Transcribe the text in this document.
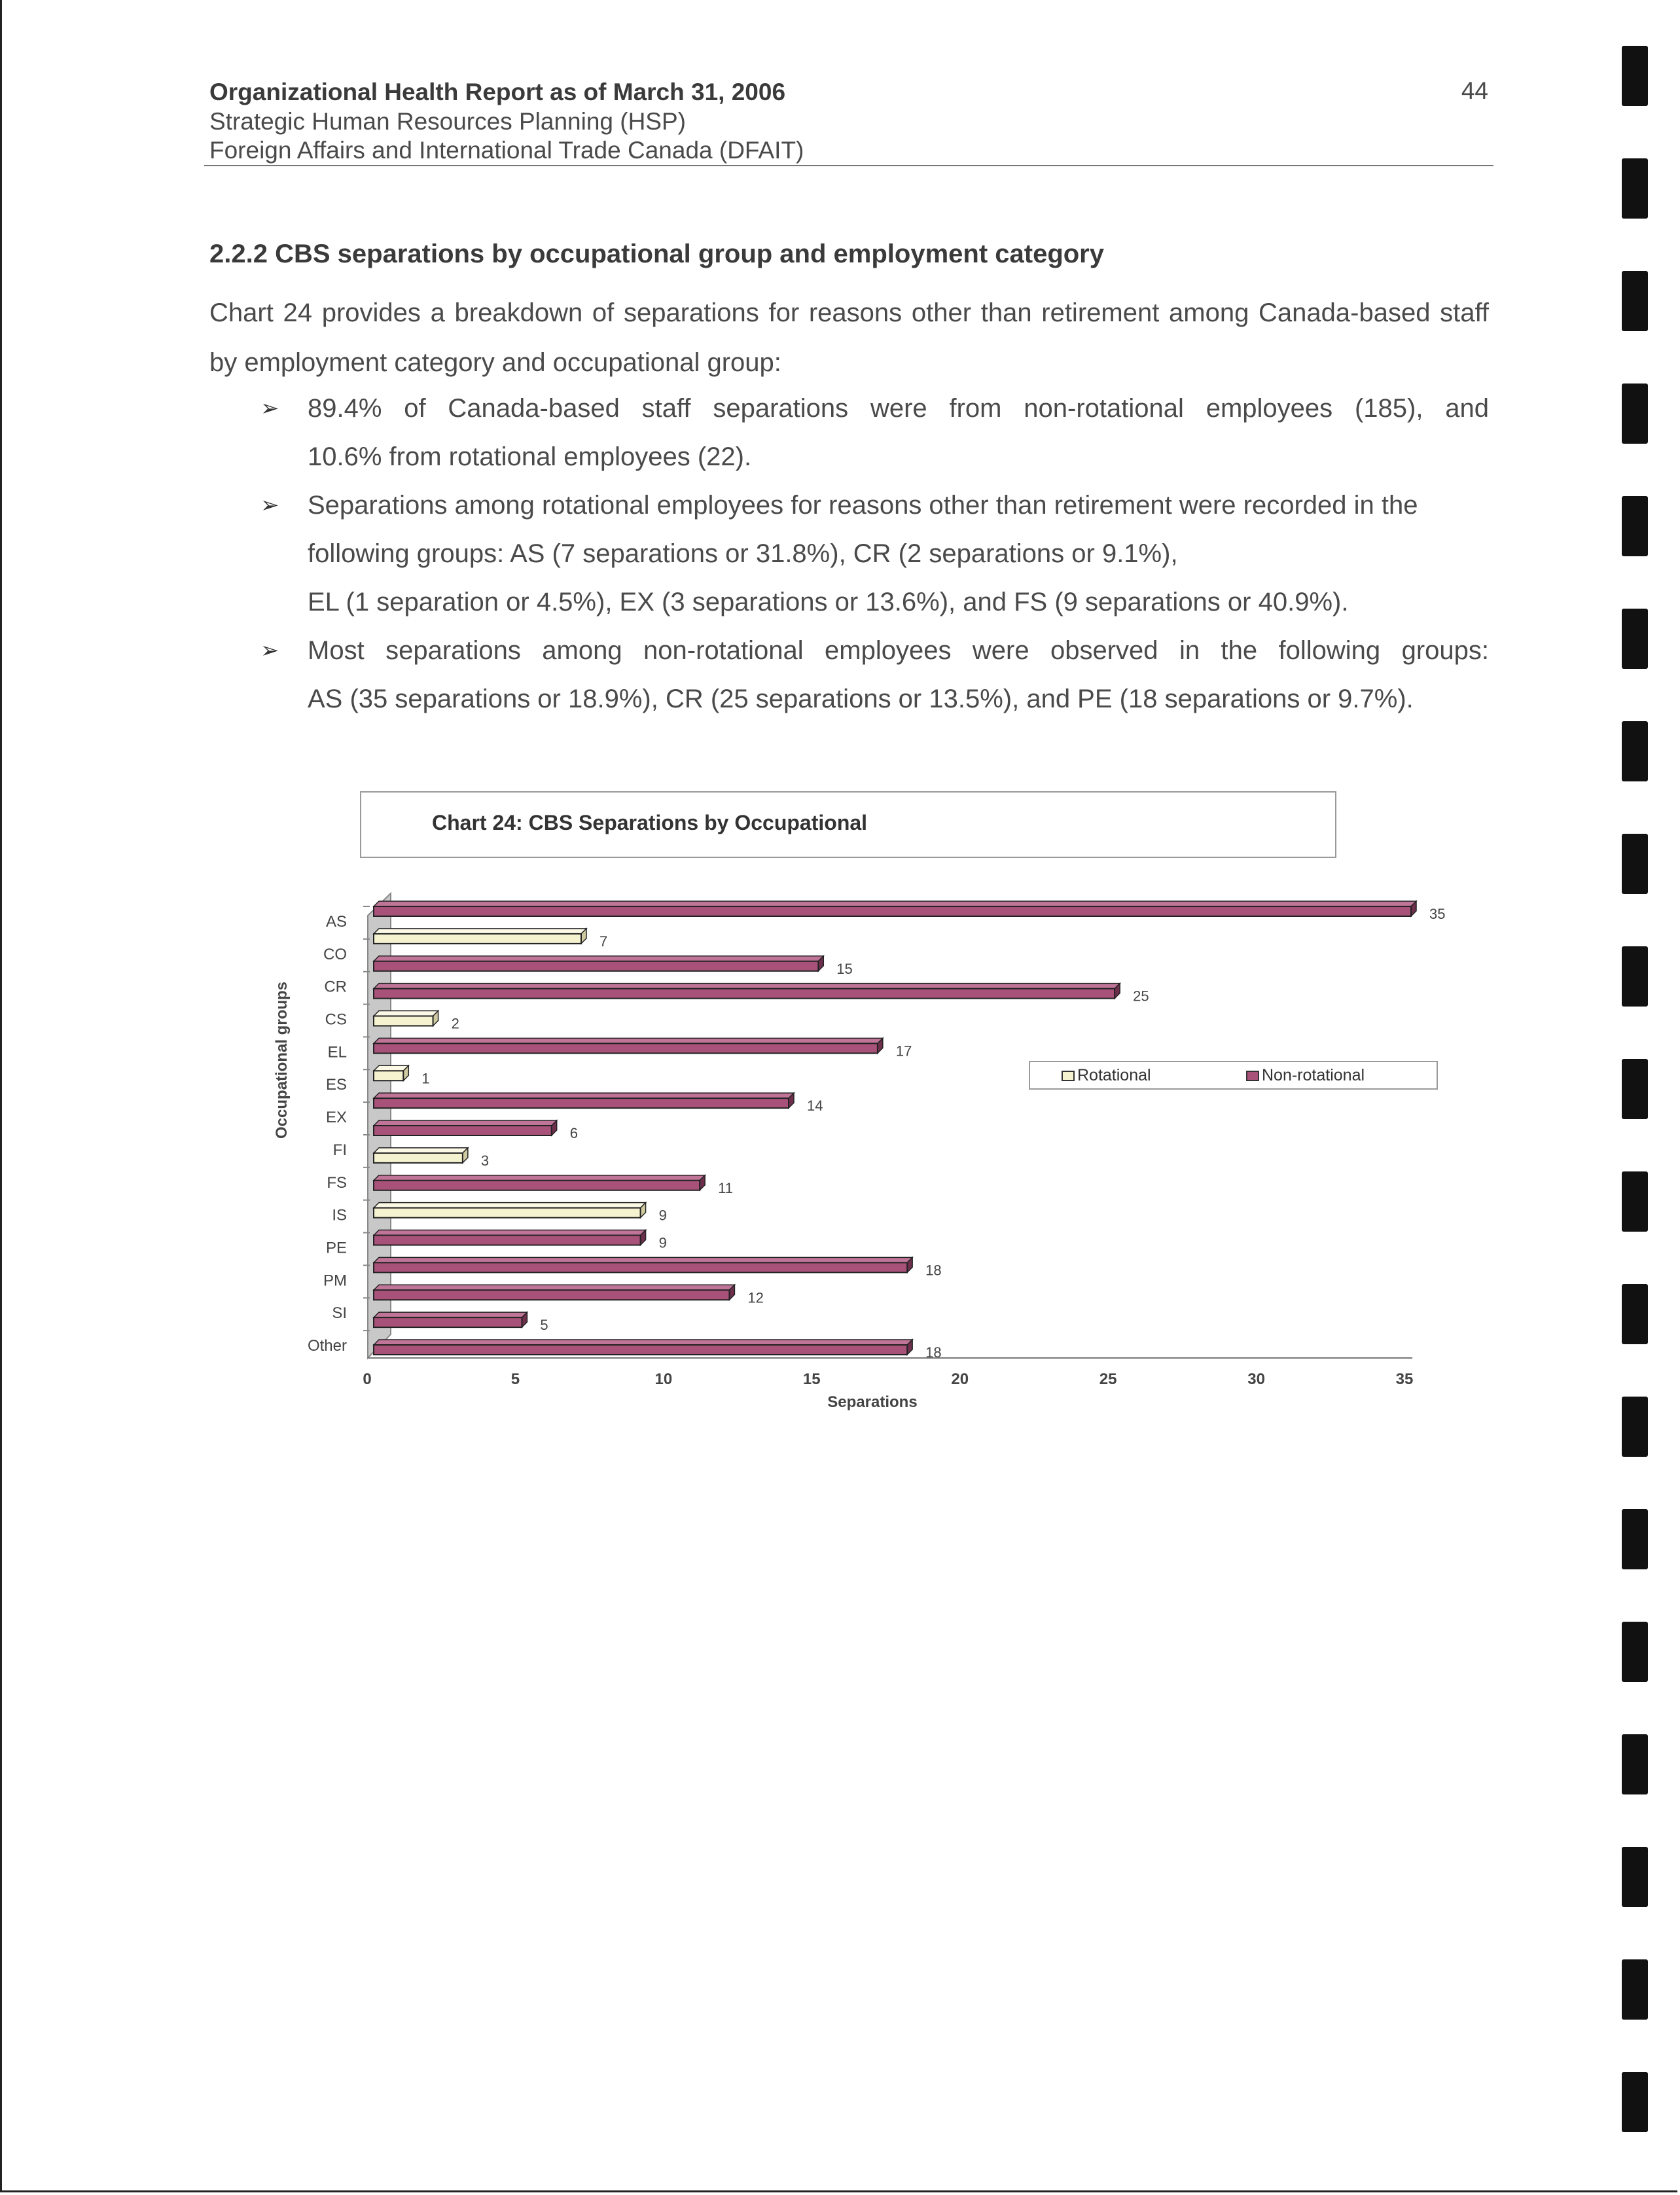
Organizational Health Report as of March 31, 2006
Strategic Human Resources Planning (HSP)
Foreign Affairs and International Trade Canada (DFAIT)
44
2.2.2 CBS separations by occupational group and employment category
Chart 24 provides a breakdown of separations for reasons other than retirement among Canada-based staff by employment category and occupational group:
➢ 89.4% of Canada-based staff separations were from non-rotational employees (185), and

10.6% from rotational employees (22).

➢ Separations among rotational employees for reasons other than retirement were recorded in the

following groups: AS (7 separations or 31.8%), CR (2 separations or 9.1%),

EL (1 separation or 4.5%), EX (3 separations or 13.6%), and FS (9 separations or 40.9%).

➢ Most separations among non-rotational employees were observed in the following groups:

AS (35 separations or 18.9%), CR (25 separations or 13.5%), and PE (18 separations or 9.7%).

Chart 24: CBS Separations by Occupational
AS
CO
CR
CS
EL
ES
EX
FI
FS
IS
PE
PM
SI
Other
Occupational groups
0	5	10	15	20	25	30	35
Separations
35
7
15
25
2
17
1
14
6
3
11
9
9
18
12
5
18
Rotational	Non-rotational
